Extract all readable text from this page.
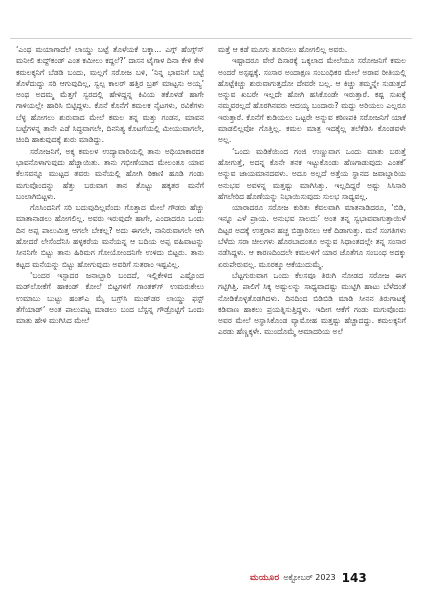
‘ಎಂಥ ಮಯಾಗಾದೆಲೆ ಲಾಯ್ಡು ಬಟ್ಟೆ ತೊಳೆಯಕೆ ಬಕ್ಕಾ... ಎಗ್ಗ್ ಹೆಂಗ್ಸ್‌ಸ್ ಮನೀಲಿ ಕುದ್ದ್‌ಕಂಡ್ ಎಂತ ಕಮೀಲು ಕದ್ದಲೆ?’ ದಾಸನ ಟೈಗಾಳ ದಿನಾ ಕೇಳಿ ಕೇಳಿ ಕಮಲಕ್ಕನಿಗೆ ಬೆಡಡಿ ಬಂದು, ಮಲ್ಲಗೆ ಸರೋಜ ಬಳಿ, ‘ನಿನ್ನ ಭಾವನಿಗೆ ಬಟ್ಟೆ ತೊಳೆದುದ್ದು ಸರಿ ಆಗುವುದಿಲ್ಲ, ಸ್ವಲ್ಪ ಕಾಲರ್ ಹತ್ತಿರ ಬ್ರಶ್ ಮಾಟ್ಟಸು ಅಯ್ಯ’ ಅಂಥ ಅದಮ್ಮ ಮೆತ್ತಗೆ ಸ್ವರದಲ್ಲಿ ಹೇಳಿದ್ದನ್ನ ಕಿವಿಯ ತಕೊಳಡೆ ಹಾಗೇ ಗಾಳಿಯಲ್ಲೇ ಹಾರಿಸಿ ಬಿಟ್ಟಿದ್ದಳು. ಕೊನೆ ಕೊನೆಗೆ ಕಮಲಕ ನೈಟಗಳು, ರವಿಕೆಗಳು ಬೆಳ್ಳ ಹೋಗಲು ಶುರುವಾದ ಮೇಲೆ ಕಮಲ ತನ್ನ ಮತ್ತು ಗಂಡನ, ಮಾವನ ಬಟ್ಟೆಗಳನ್ನ ತಾನೇ ಎಡೆ ಸಿದ್ಧವಾಗಲೇ, ದಿನನಿತ್ಯ ಕೊಟಗೆಯಲ್ಲಿ ಮೀಯುವಾಗಲೇ, ಚಿಂದಿ ಹಾಕುವುದಕ್ಕೆ ಶುರು ಮಾಡಿದ್ದು.

ಸರೋಜನಿಗೆ, ಅಕ್ಕ ಕಮಲಳ ಉದ್ಯಾವಾರಿಯಲ್ಲಿ ತಾನು ಅಧಿಯಾಕಾರದಕ ಭಾವನೊಳಾಗುವುದು ಹೆಚ್ಚಾಯಿತು. ತಾನು ಗಭೀಣೆಯಾದ ಮೇಲಂತೂ ಯಾವ ಕೆಲಸವನ್ನೂ ಮುಟ್ಟದ ತವರು ಮನೆಯಲ್ಲಿ ಹೋಗಿ ಠಿಕಾಣಿ ಹೂಡಿ ಗಂಡು ಮಗುವೊಂದನ್ನು ಹೆತ್ತು ಬರುವಾಗ ತಾನ ತೊಟ್ಟು ಹಕ್ಕತರ ಮನೆಗೆ ಬಂಲಾಗಿಬಿಟ್ಟಳು.

ಗೊಸಿಂದನಿಗೆ ಸರಿ ಬದುವುದಿಲ್ಲವೆಂದು ಗೊತ್ತಾದ ಮೇಲೆ ಗೌಡರು ಹೆಚ್ಚು ಮಾತಾನಾಡಲು ಹೋಗಲಿಲ್ಲ. ಅವರು ಇರುವುದೇ ಹಾಗೇ, ಎಂದಾದರೂ ಒಂದು ದಿನ ಅಪ್ಪ ಪಾಲುಮಿತ್ತ ಆಗಲೇ ಬೇಕಲ್ಲ? ಅದು ಈಗಲೇ, ನಾನಿರುವಾಗಲೇ ಆಗಿ ಹೋದರೆ ಲೇಸೆಂದೆನಿಸಿ ಹಳ್ಳಕರೆಯ ಮನೆಯನ್ನ ಆ ಬದಿಯ ಅಪ್ಪ ವಹಿವಾಟನ್ನು ಸೀನನಿಗೇ ಬಿಟ್ಟು ತಾನು ಹಿರಿಮಗ ಗೋಯೋಂದನಿಗೇ ಉಳಿದು ಬಿಟ್ಟರು. ತಾನು ಕಟ್ಟದ ಮನೆಯನ್ನು ಬಿಟ್ಟು ಹೋಗುವುದು ಅವರಿಗೆ ಸುತರಾಂ ಇಷ್ಟವಿಲ್ಲ.

‘ಬಂದರ ಇಸ್ಟಾದರ ಜನಾಬ್ಬಾರಿ ಬಂದದೆ, ಇಲ್ಲಿಕೇಳಿದ ಎಷ್ಟೊಂದ ಮಡ್‌ಲೋಕೆಗೆ ಹಾಕಂಡ್ ಕೋಲೆ ಬಿಟ್ಟಗಳಿಗೆ ಗಾಂತಕ್‌ಗ್ ಉಮರುಕೇಲು ಉಮಾಬು ಬುಟ್ಟು ಹಂತ್‌ಎ ಮೈ ಬಗ್ರ್‌ಸಿ ಮುಡ್‌ಡರ ಲಾಯ್ಡು ಫಸ್ಟ್ ತೆಗೆಯಾಡ್’ ಅಂತ ಪಾಲುಪಟ್ಟ ಮಾಡಲು ಬಂದ ಬೆಸ್ಟನ್ನ ಗೌಡ್ರೊಟ್ಟಿಗೆ ಒಂದು ಮಾತು ಹೇಳಿ ಮುಗಿಸಿದ ಮೇಲೆ

ಮತ್ತೆ ಆ ಕಡೆ ಮೂಗು ತೂರಿಸಲು ಹೋಗಲಿಲ್ಲ ಅವರು.

ಇಷ್ಟಾದರೂ ವೇರೆ ದಿಸಾರಕ್ಕೆ ಒಕ್ಕಲಾದ ಮೇಲೆಯೂ ಸರೋಜನಿಗೆ ಕಮಲ ಅಂದರೆ ಅಸ್ಪಷ್ಟಕ್ಕೆ. ಸಂಸಾರ ಅಂದಾಕ್ಷಣ ಸಂಬಂಧಿಕರ ಮೇಲೆ ಅರಾವ ರೀತಿಯಲ್ಲಿ ಹೊಟ್ಟೆಕಿಚ್ಚು ಶುರುವಾಗುತ್ತದೋ ದೇವರೇ ಬಲ್ಲ. ಆ ಕಿಚ್ಚು ತಮ್ಮನ್ನೇ ಸುಡುತ್ತದೆ ಅನ್ನುವ ಖಬರೇ ಇಲ್ಲದೇ ಹೋಗಿ ಹಸಿಕೊಂಡೇ ಇರುತ್ತಾರೆ. ಕಷ್ಟ ಸುಖಕ್ಕೆ ನಮ್ಮವರಲ್ಲದೆ ಹೊರಗಿನವರು ಆದಯ್ಯ ಬಂದಾರು? ಮದ್ದು ಅರಿಯಲು ಎಲ್ಲರೂ ಇರುತ್ತಾರೆ. ಕೊನೆಗೆ ಕುಡಿಯಲು ಒಟ್ಟರೇ ಅನ್ನುವ ಕಠಿಣಪಕಿ ಸರೋಜನಿಗೆ ಯಾಕೆ ಮಾಡಲಿಲ್ಲವೋ ಗೊತ್ತಿಲ್ಲ. ಕಮಲ ಮಾತ್ರ ಇದಕ್ಕೆಲ್ಲ ತಲೆಕೆಡಿಸಿ ಕೊಂಡವಳೇ ಅಲ್ಲ.

‘ಒಂದು ಮಡಿಕೆಯಿಂದ ಗಂಜಿ ಉಣ್ಣುವಾಗ ಒಂದು ಮಾತು ಬರುತ್ತೆ ಹೋಗುತ್ತೆ, ಅದನ್ನ ಕೊನೇ ತನಕ ಇಟ್ಟುಕೊಂಡು ಹೆಣಗಾಡುವುದು ಎಂತಕೆ’ ಅನ್ನುವ ಜಾಯಮಾನದವಳು. ಅದೂ ಅಲ್ಲದೆ ಅತ್ತೆಯ ಸ್ಥಾನದ ಜವಾಬ್ದಾರಿಯ ಅನುಭವ ಅವಳನ್ನ ಮತ್ತಷ್ಟು ಮಾಗಿಸಿತ್ತು. ಇಲ್ಲದಿದ್ದರೆ ಅಷ್ಟು ಸಿಸಿಸಾರಿ ಹೆಗಲೇರಿದ ಹೊಣೆಯನ್ನು ನಿಭಾಯಿಸುವುದು ಸುಲಭ ಸಾಧ್ಯವಲ್ಲ.

ಯಾರಾದರೂ ಸರೋಜ ಕುರಿತು ಕೆವಲವಾಗಿ ಮಾತನಾಡಿದರೂ, ‘ಬಿಡಿ, ಇನ್ನೂ ಎಳೆ ಪ್ರಾಯ. ಅನುಭವ ಸಾಲದು’ ಅಂತ ತನ್ನ ಸ್ವಭಾವವಾಗುತ್ತಾಯಿಳೆ ದಿಟ್ಟರ ಅದಕ್ಕೆ ಉತ್ತರಾನ ಹಚ್ಚ ಬಿಡ್ತಾರಿಸಲು ಆಕೆ ದಿಡಾಗುತ್ತು. ಮನೆ ಸಂಗತಿಗಳು ಬೆಳೆದು ಸರಾ ಚೀಲಗಳು ಹೊರಬಾದಂತೂ ಅನ್ನುವ ಸಿಧಾಂತದಲ್ಲೇ ತನ್ನ ಸಂಸಾರ ನಡೆಸಿದ್ದಳು. ಆ ಕಾರಣದಿಂದಲೇ ಕಮಲಳಿಗೆ ಯಾರ ಜೊತೆಗೂ ಸಂಬಂಧ ಅದಕ್ಕು ಏರುಪೇರುವಲ್ಲ. ಮೂರಕ್ಕೂ ಆಕೆಯುದುಮ್ಮೆ.

ಬೆಟ್ಟಗುರುವಾಗ ಒಂದು ಕೆಲಸವೂ ತಿರುಗಿ ನೋಡದ ಸರೋಜ ಈಗ ಗಟ್ಟಿಗಿತ್ತಿ. ಪಾಲಿಗೆ ಸಿಕ್ಕ ಅಷ್ಟುಲನ್ನು ಸಾಧ್ಯವಾದಷ್ಟು ಮುಟ್ಟಿಗಿ ಹಾಟು ಬೆಳೆದಂತೆ ನೋಡಿಕೊಳ್ಳತೊಡಗಿದಳು. ದಿನದಿಂದ ಬಿಡಿಬಿಡಿ ಮಾಡಿ ಸೀನನ ತಿರುಗಾಟಕ್ಕೆ ಕಡಿವಾಣ ಹಾಕಲು ಪ್ರಯತ್ನಿಸುತ್ತಿದ್ದಳು. ಇದೀಗ ಆಕೆಗೆ ಗಂಡು ಮಗುವೊಂದು ಅವರ ಮೇಲೆ ಅಸ್ಥಾಸಿಕೊಂಡ ವ್ಯಾಮೋಹ ಮತ್ತಷ್ಟು ಹೆಚ್ಚಾದದ್ದು. ಕಮಲಕ್ಕನಿಗೆ ಎರಡು ಹೆಣ್ಣಕ್ಕಳೇ. ಮುಂದೊಮ್ಮೆ ಆಮಾದರಿಯ ಅಲೆ

ಮಯೂರ ಅಕ್ಟೋಬರ್ 2023 143
